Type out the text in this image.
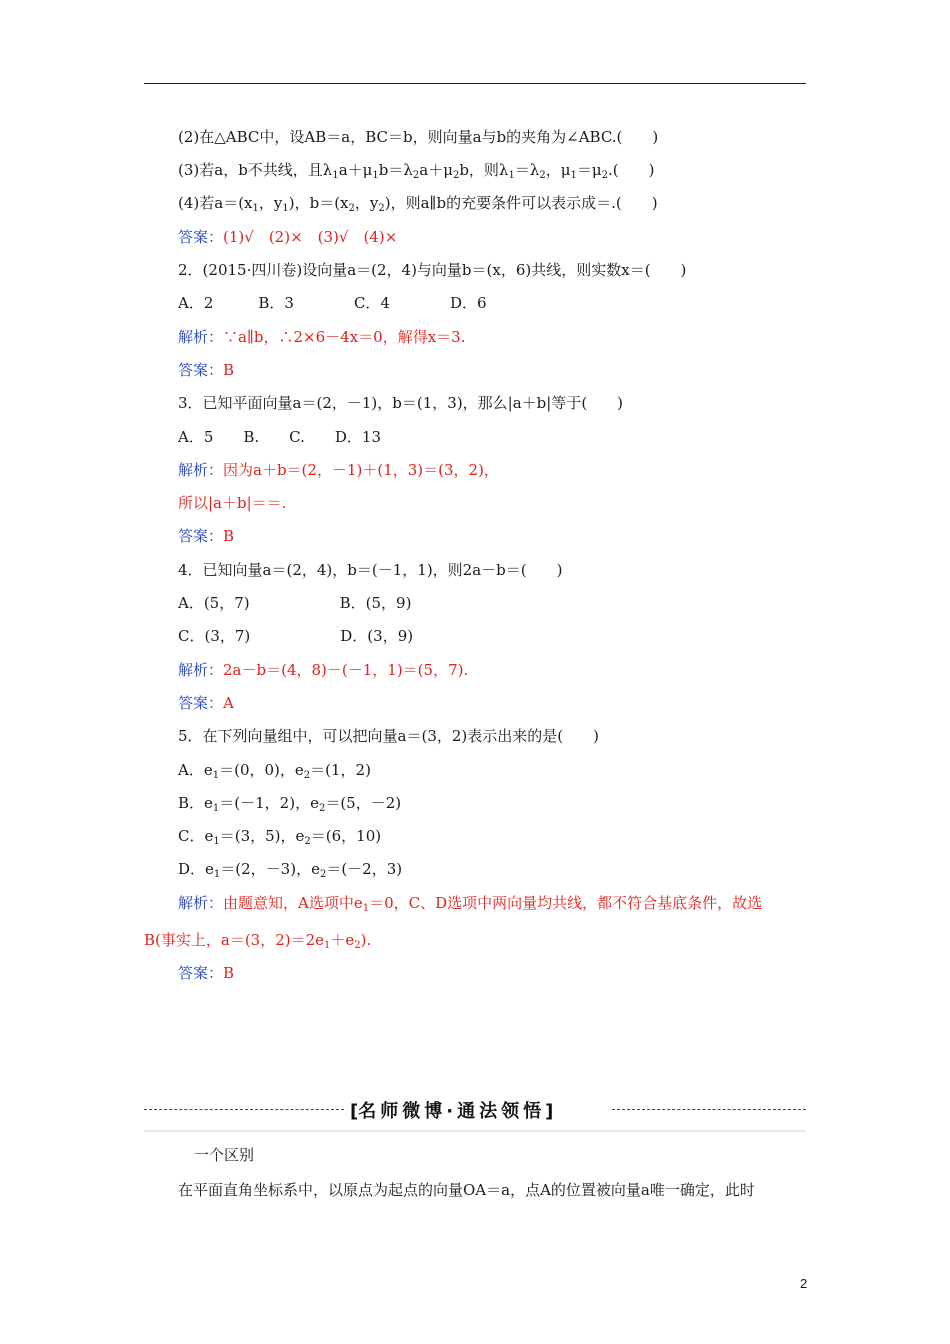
(2)在△ABC中，设AB＝a，BC＝b，则向量a与b的夹角为∠ABC.(　　)
(3)若a，b不共线，且$\lambda_1a+\mu_1b=\lambda_2a+\mu_2b$，则$\lambda_1=\lambda_2$，$\mu_1=\mu_2$.(　　)
(4)若$a=(x_1$，$y_1$)，$b=(x_2$，$y_2$)，则a∥b的充要条件可以表示成＝.(　　)
答案：(1)√　(2)×　(3)√　(4)×
2．(2015·四川卷)设向量a＝(2，4)与向量b＝(x，6)共线，则实数x＝(　　)
A．2　　　B．3　　　　C．4　　　　D．6
解析：∵a∥b，∴2×6－4x＝0，解得x＝3.
答案：B
3．已知平面向量a＝(2，－1)，b＝(1，3)，那么|a＋b|等于(　　)
A．5　　B.　　C.　　D．13
解析：因为a＋b＝(2，－1)＋(1，3)＝(3，2)，
所以|a＋b|＝＝.
答案：B
4．已知向量a＝(2，4)，b＝(－1，1)，则2a－b＝(　　)
A．(5，7)　　　　　　B．(5，9)
C．(3，7)　　　　　　D．(3，9)
解析：2a－b＝(4，8)－(－1，1)＝(5，7).
答案：A
5．在下列向量组中，可以把向量a＝(3，2)表示出来的是(　　)
A．$e_1=(0$，0)，$e_2=(1$，2)
B．$e_1=(-1$，2)，$e_2=(5$，－2)
C．$e_1=(3$，5)，$e_2=(6$，10)
D．$e_1=(2$，－3)，$e_2=(-2$，3)
解析：由题意知，A选项中$e_1=0$，C、D选项中两向量均共线，都不符合基底条件，故选
B(事实上，a＝(3，$2)=2e_1+e_2$).
答案：B
[名师微博·通法领悟]
一个区别
在平面直角坐标系中，以原点为起点的向量OA＝a，点A的位置被向量a唯一确定，此时
2
